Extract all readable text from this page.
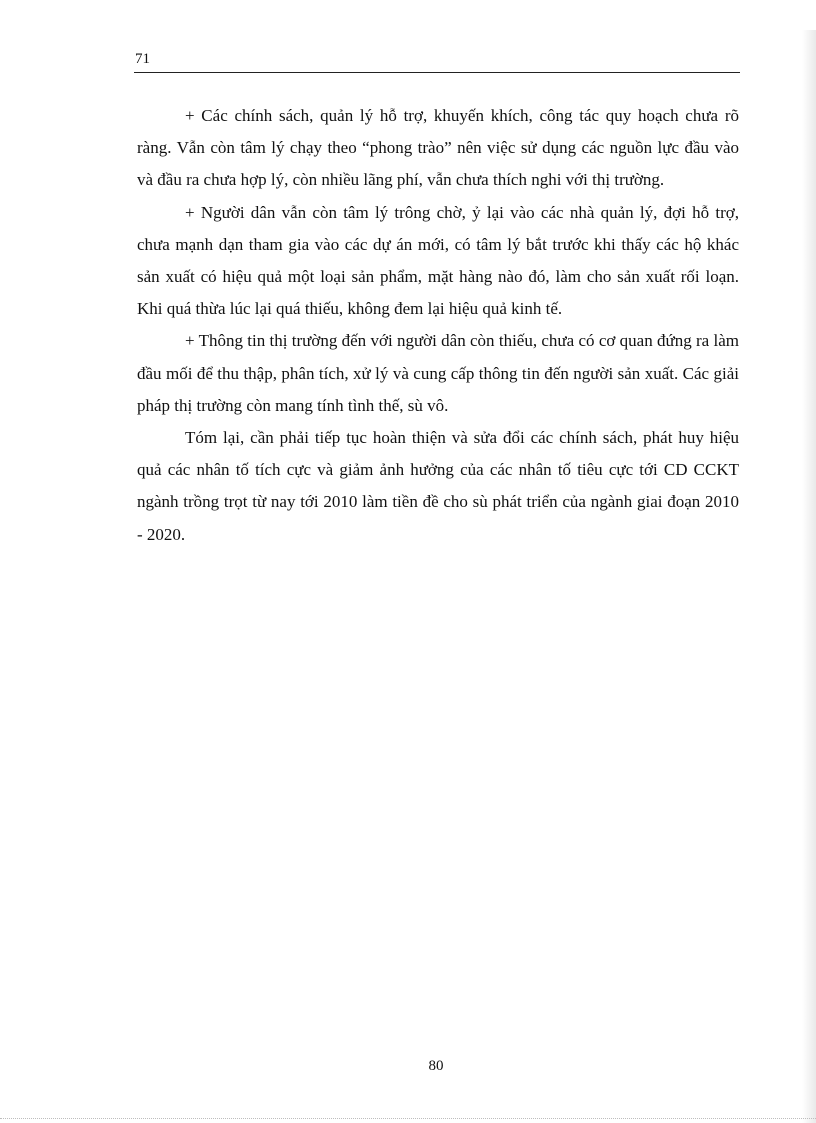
71

+ Các chính sách, quản lý hỗ trợ, khuyến khích, công tác quy hoạch chưa rõ ràng. Vẫn còn tâm lý chạy theo “phong trào” nên việc sử dụng các nguồn lực đầu vào và đầu ra chưa hợp lý, còn nhiều lãng phí, vẫn chưa thích nghi với thị trường.

+ Người dân vẫn còn tâm lý trông chờ, ỷ lại vào các nhà quản lý, đợi hỗ trợ, chưa mạnh dạn tham gia vào các dự án mới, có tâm lý bắt trước khi thấy các hộ khác sản xuất có hiệu quả một loại sản phẩm, mặt hàng nào đó, làm cho sản xuất rối loạn. Khi quá thừa lúc lại quá thiếu, không đem lại hiệu quả kinh tế.

+ Thông tin thị trường đến với người dân còn thiếu, chưa có cơ quan đứng ra làm đầu mối để thu thập, phân tích, xử lý và cung cấp thông tin đến người sản xuất. Các giải pháp thị trường còn mang tính tình thế, sù vô.

Tóm lại, cần phải tiếp tục hoàn thiện và sửa đổi các chính sách, phát huy hiệu quả các nhân tố tích cực và giảm ảnh hưởng của các nhân tố tiêu cực tới CD CCKT ngành trồng trọt từ nay tới 2010 làm tiền đề cho sù phát triển của ngành giai đoạn 2010 - 2020.

80
